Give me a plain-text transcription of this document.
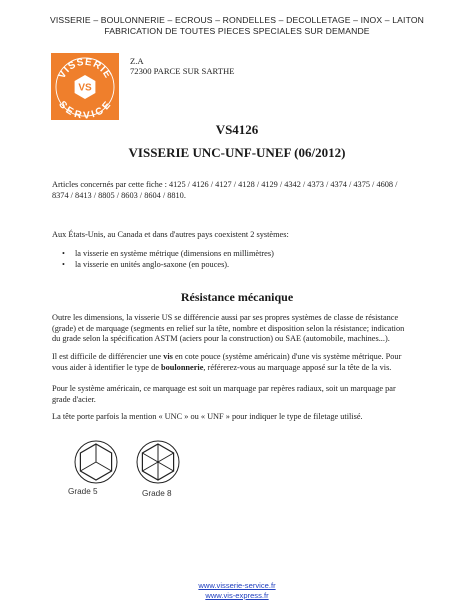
VISSERIE – BOULONNERIE – ECROUS – RONDELLES – DECOLLETAGE – INOX – LAITON
FABRICATION DE TOUTES PIECES SPECIALES SUR DEMANDE
VS
VISSERIE
SERVICE
Z.A
72300 PARCE SUR SARTHE
VS4126
VISSERIE UNC-UNF-UNEF (06/2012)
Articles concernés par cette fiche : 4125 / 4126 / 4127 / 4128 / 4129 / 4342 / 4373 / 4374 / 4375 / 4608 /
8374 / 8413 / 8805 / 8603 / 8604 / 8810.
Aux États-Unis, au Canada et dans d'autres pays coexistent 2 systèmes:
• la visserie en système métrique (dimensions en millimètres)
• la visserie en unités anglo-saxone (en pouces).
Résistance mécanique
Outre les dimensions, la visserie US se différencie aussi par ses propres systèmes de classe de résistance
(grade) et de marquage (segments en relief sur la tête, nombre et disposition selon la résistance; indication
du grade selon la spécification ASTM (aciers pour la construction) ou SAE (automobile, machines...).
Il est difficile de différencier une vis en cote pouce (système américain) d'une vis système métrique. Pour
vous aider à identifier le type de boulonnerie, référerez-vous au marquage apposé sur la tête de la vis.
Pour le système américain, ce marquage est soit un marquage par repères radiaux, soit un marquage par
grade d'acier.
La tête porte parfois la mention « UNC » ou « UNF » pour indiquer le type de filetage utilisé.
Grade 5	Grade 8
www.visserie-service.fr
www.vis-express.fr
